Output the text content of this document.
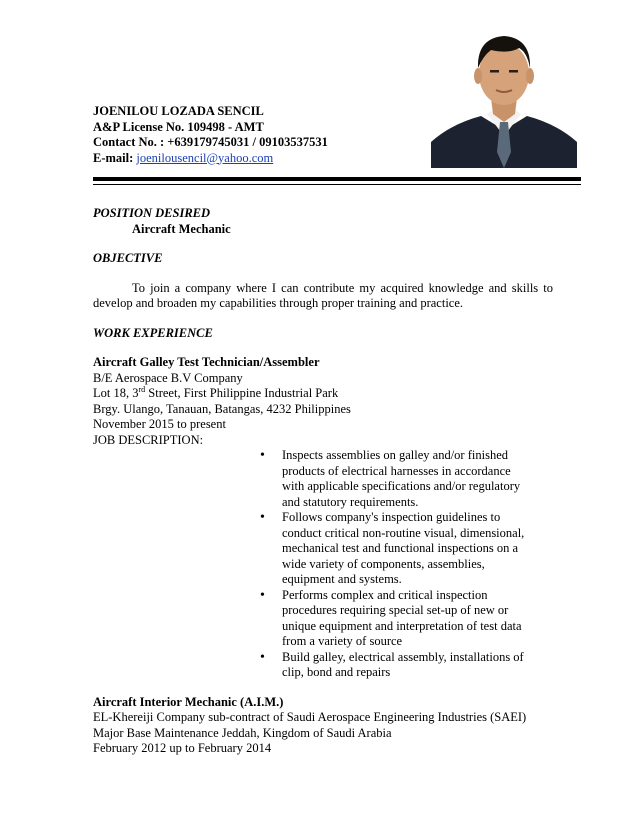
JOENILOU LOZADA SENCIL
A&P License No. 109498 - AMT
Contact No. : +639179745031 / 09103537531
E-mail: joenilousencil@yahoo.com
POSITION DESIRED
Aircraft Mechanic
OBJECTIVE
To join a company where I can contribute my acquired knowledge and skills to develop and broaden my capabilities through proper training and practice.
WORK EXPERIENCE
Aircraft Galley Test Technician/Assembler
B/E Aerospace B.V Company
Lot 18, 3rd Street, First Philippine Industrial Park
Brgy. Ulango, Tanauan, Batangas, 4232 Philippines
November 2015 to present
JOB DESCRIPTION:
• Inspects assemblies on galley and/or finished products of electrical harnesses in accordance with applicable specifications and/or regulatory and statutory requirements.
• Follows company's inspection guidelines to conduct critical non-routine visual, dimensional, mechanical test and functional inspections on a wide variety of components, assemblies, equipment and systems.
• Performs complex and critical inspection procedures requiring special set-up of new or unique equipment and interpretation of test data from a variety of source
• Build galley, electrical assembly, installations of clip, bond and repairs
Aircraft Interior Mechanic (A.I.M.)
EL-Khereiji Company sub-contract of Saudi Aerospace Engineering Industries (SAEI)
Major Base Maintenance Jeddah, Kingdom of Saudi Arabia
February 2012 up to February 2014
